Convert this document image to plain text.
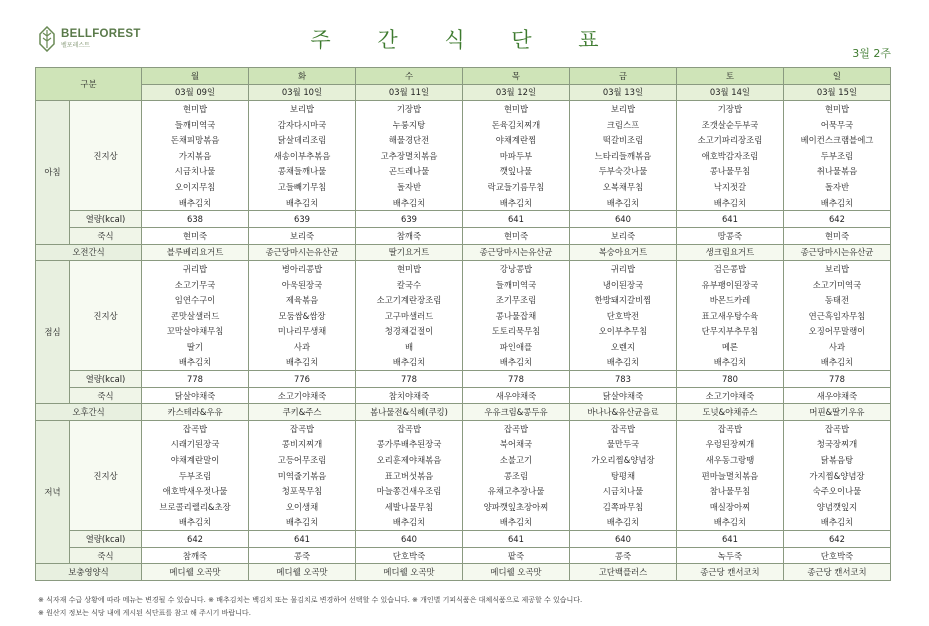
BELLFOREST
벨포레스트	주 간 식 단 표
3월 2주
구분		월	화	수	목	금	토	일
		03월 09일	03월 10일	03월 11일	03월 12일	03월 13일	03월 14일	03월 15일
아침	진지상	현미밥	보리밥	기장밥	현미밥	보리밥	기장밥	현미밥
		들깨미역국	감자다시마국	누룽지탕	돈육김치찌개	크림스프	조갯살순두부국	어묵무국
		돈채피망볶음	닭살데리조림	해물경단전	야채계란찜	떡갈비조림	소고기파리장조림	베이컨스크램블에그
		가지볶음	새송이부추볶음	고추장멸치볶음	마파두부	느타리들깨볶음	애호박감자조림	두부조림
		시금치나물	콩채들깨나물	곤드레나물	깻잎나물	두부숙갓나물	콩나물무침	취나물볶음
		오이지무침	고들빼기무침	돌자반	락교들기름무침	오복채무침	낙지젓갈	돌자반
		배추김치	배추김치	배추김치	배추김치	배추김치	배추김치	배추김치
	열량(kcal)	638	639	639	641	640	641	642
	죽식	현미죽	보리죽	참깨죽	현미죽	보리죽	땅콩죽	현미죽
오전간식		블루베리요거트	종근당마시는유산균	딸기요거트	종근당마시는유산균	복숭아요거트	생크림요거트	종근당마시는유산균
점심	진지상	귀리밥	병아리콩밥	현미밥	강낭콩밥	귀리밥	검은콩밥	보리밥
		소고기무국	아욱된장국	칼국수	들깨미역국	냉이된장국	유부팽이된장국	소고기미역국
		임연수구이	제육볶음	소고기계란장조림	조기무조림	한방돼지갈비찜	바몬드카레	동태전
		콘맛살샐러드	모둠쌈&쌈장	고구마샐러드	콩나물잡채	단호박전	표고새우탕수육	연근흑임자무침
		꼬막살야채무침	미나리무생채	청경채겉절이	도토리묵무침	오이부추무침	단무지부추무침	오징어무말랭이
		딸기	사과	배	파인애플	오렌지	메론	사과
		배추김치	배추김치	배추김치	배추김치	배추김치	배추김치	배추김치
	열량(kcal)	778	776	778	778	783	780	778
	죽식	닭살야채죽	소고기야채죽	참치야채죽	새우야채죽	닭살야채죽	소고기야채죽	새우야채죽
오후간식		카스테라&우유	쿠키&주스	봄나물전&식혜(쿠킹)	우유크림&콩두유	바나나&유산균음료	도넛&야채쥬스	머핀&딸기우유
저녁	진지상	잡곡밥	잡곡밥	잡곡밥	잡곡밥	잡곡밥	잡곡밥	잡곡밥
		시래기된장국	콩비지찌개	콩가루배추된장국	북어채국	물만두국	우렁된장찌개	청국장찌개
		야채계란말이	고등어무조림	오리훈제야채볶음	소불고기	가오리찜&양념장	새우동그랑땡	닭볶음탕
		두부조림	미역줄기볶음	표고버섯볶음	콩조림	탕평채	편마늘멸치볶음	가지찜&양념장
		애호박새우젓나물	청포묵무침	마늘쫑건새우조림	유채고추장나물	시금치나물	참나물무침	숙주오이나물
		브로콜리렐리&초장	오이생채	세발나물무침	양파깻잎초장아찌	김쪽파무침	매실장아찌	양념깻잎지
		배추김치	배추김치	배추김치	배추김치	배추김치	배추김치	배추김치
	열량(kcal)	642	641	640	641	640	641	642
	죽식	참깨죽	콩죽	단호박죽	팥죽	콩죽	녹두죽	단호박죽
보충영양식		메디웰 오곡맛	메디웰 오곡맛	메디웰 오곡맛	메디웰 오곡맛	고단백플러스	종근당 캔서코치	종근당 캔서코치
※ 식자재 수급 상황에 따라 메뉴는 변경될 수 있습니다. ※ 배추김치는 백김치 또는 물김치로 변경하여 선택할 수 있습니다. ※ 개인별 기피식품은 대체식품으로 제공할 수 있습니다.
※ 원산지 정보는 식당 내에 게시된 식단표를 참고 해 주시기 바랍니다.
